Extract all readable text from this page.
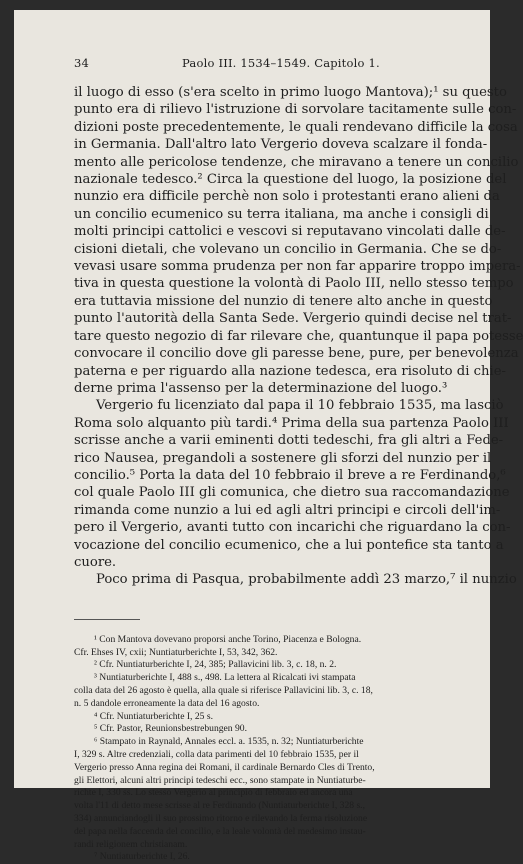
34	Paolo III. 1534–1549. Capitolo 1.
il luogo di esso (s'era scelto in primo luogo Mantova);¹ su questo
punto era di rilievo l'istruzione di sorvolare tacitamente sulle con-
dizioni poste precedentemente, le quali rendevano difficile la cosa
in Germania. Dall'altro lato Vergerio doveva scalzare il fonda-
mento alle pericolose tendenze, che miravano a tenere un concilio
nazionale tedesco.² Circa la questione del luogo, la posizione del
nunzio era difficile perchè non solo i protestanti erano alieni da
un concilio ecumenico su terra italiana, ma anche i consigli di
molti principi cattolici e vescovi si reputavano vincolati dalle de-
cisioni dietali, che volevano un concilio in Germania. Che se do-
vevasi usare somma prudenza per non far apparire troppo impera-
tiva in questa questione la volontà di Paolo III, nello stesso tempo
era tuttavia missione del nunzio di tenere alto anche in questo
punto l'autorità della Santa Sede. Vergerio quindi decise nel trat-
tare questo negozio di far rilevare che, quantunque il papa potesse
convocare il concilio dove gli paresse bene, pure, per benevolenza
paterna e per riguardo alla nazione tedesca, era risoluto di chie-
derne prima l'assenso per la determinazione del luogo.³
Vergerio fu licenziato dal papa il 10 febbraio 1535, ma lasciò
Roma solo alquanto più tardi.⁴ Prima della sua partenza Paolo III
scrisse anche a varii eminenti dotti tedeschi, fra gli altri a Fede-
rico Nausea, pregandoli a sostenere gli sforzi del nunzio per il
concilio.⁵ Porta la data del 10 febbraio il breve a re Ferdinando,⁶
col quale Paolo III gli comunica, che dietro sua raccomandazione
rimanda come nunzio a lui ed agli altri principi e circoli dell'im-
pero il Vergerio, avanti tutto con incarichi che riguardano la con-
vocazione del concilio ecumenico, che a lui pontefice sta tanto a
cuore.
Poco prima di Pasqua, probabilmente addì 23 marzo,⁷ il nunzio
¹ Con Mantova dovevano proporsi anche Torino, Piacenza e Bologna.
Cfr. Ehses IV, cxii; Nuntiaturberichte I, 53, 342, 362.
² Cfr. Nuntiaturberichte I, 24, 385; Pallavicini lib. 3, c. 18, n. 2.
³ Nuntiaturberichte I, 488 s., 498. La lettera al Ricalcati ivi stampata
colla data del 26 agosto è quella, alla quale si riferisce Pallavicini lib. 3, c. 18,
n. 5 dandole erroneamente la data del 16 agosto.
⁴ Cfr. Nuntiaturberichte I, 25 s.
⁵ Cfr. Pastor, Reunionsbestrebungen 90.
⁶ Stampato in Raynald, Annales eccl. a. 1535, n. 32; Nuntiaturberichte
I, 329 s. Altre credenziali, colla data parimenti del 10 febbraio 1535, per il
Vergerio presso Anna regina dei Romani, il cardinale Bernardo Cles di Trento,
gli Elettori, alcuni altri principi tedeschi ecc., sono stampate in Nuntiaturbe-
richte I, 330 ss. Lo stesso Vergerio al principio di febbraio ed ancora una
volta l'11 di detto mese scrisse al re Ferdinando (Nuntiaturberichte I, 328 s.,
334) annunciandogli il suo prossimo ritorno e rilevando la ferma risoluzione
del papa nella faccenda del concilio, e la leale volontà del medesimo instau-
randi religionem christianam.
⁷ Nuntiaturberichte I, 26.
